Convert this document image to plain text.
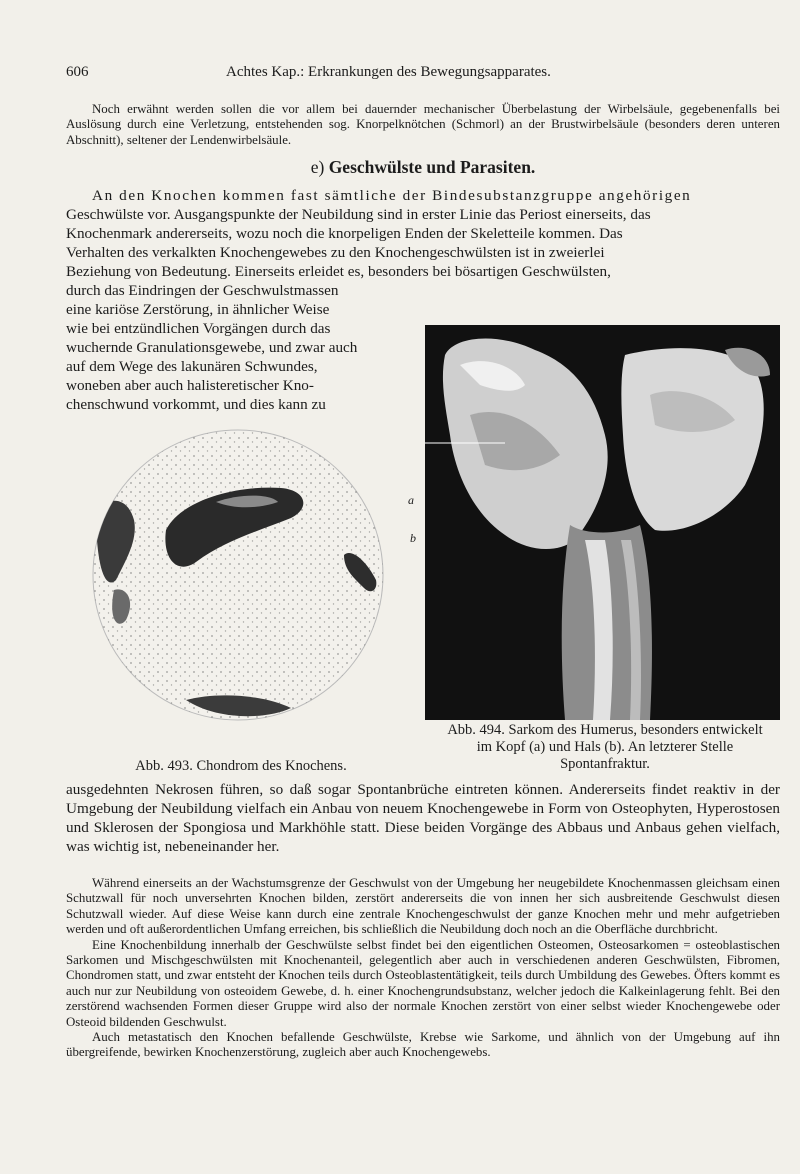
606	Achtes Kap.: Erkrankungen des Bewegungsapparates.
Noch erwähnt werden sollen die vor allem bei dauernder mechanischer Überbelastung der Wirbelsäule, gegebenenfalls bei Auslösung durch eine Verletzung, entstehenden sog. Knorpelknötchen (Schmorl) an der Brustwirbelsäule (besonders deren unteren Abschnitt), seltener der Lendenwirbelsäule.
e) Geschwülste und Parasiten.
An den Knochen kommen fast sämtliche der Bindesubstanzgruppe angehörigen
Geschwülste vor. Ausgangspunkte der Neubildung sind in erster Linie das Periost einerseits, das
Knochenmark andererseits, wozu noch die knorpeligen Enden der Skeletteile kommen. Das
Verhalten des verkalkten Knochengewebes zu den Knochengeschwülsten ist in zweierlei
Beziehung von Bedeutung. Einerseits erleidet es, besonders bei bösartigen Geschwülsten,
durch das Eindringen der Geschwulstmassen
eine kariöse Zerstörung, in ähnlicher Weise
wie bei entzündlichen Vorgängen durch das
wuchernde Granulationsgewebe, und zwar auch
auf dem Wege des lakunären Schwundes,
woneben aber auch halisteretischer Kno-
chenschwund vorkommt, und dies kann zu
Abb. 493. Chondrom des Knochens.
a
b
Abb. 494. Sarkom des Humerus, besonders entwickelt
im Kopf (a) und Hals (b). An letzterer Stelle
Spontanfraktur.
ausgedehnten Nekrosen führen, so daß sogar Spontanbrüche eintreten können. Andererseits findet reaktiv in der Umgebung der Neubildung vielfach ein Anbau von neuem Knochengewebe in Form von Osteophyten, Hyperostosen und Sklerosen der Spongiosa und Markhöhle statt. Diese beiden Vorgänge des Abbaus und Anbaus gehen vielfach, was wichtig ist, nebeneinander her.

Während einerseits an der Wachstumsgrenze der Geschwulst von der Umgebung her neugebildete Knochenmassen gleichsam einen Schutzwall für noch unversehrten Knochen bilden, zerstört andererseits die von innen her sich ausbreitende Geschwulst diesen Schutzwall wieder. Auf diese Weise kann durch eine zentrale Knochengeschwulst der ganze Knochen mehr und mehr aufgetrieben werden und oft außerordentlichen Umfang erreichen, bis schließlich die Neubildung doch noch an die Oberfläche durchbricht.

Eine Knochenbildung innerhalb der Geschwülste selbst findet bei den eigentlichen Osteomen, Osteosarkomen = osteoblastischen Sarkomen und Mischgeschwülsten mit Knochenanteil, gelegentlich aber auch in verschiedenen anderen Geschwülsten, Fibromen, Chondromen statt, und zwar entsteht der Knochen teils durch Osteoblastentätigkeit, teils durch Umbildung des Gewebes. Öfters kommt es auch nur zur Neubildung von osteoidem Gewebe, d. h. einer Knochengrundsubstanz, welcher jedoch die Kalkeinlagerung fehlt. Bei den zerstörend wachsenden Formen dieser Gruppe wird also der normale Knochen zerstört von einer selbst wieder Knochengewebe oder Osteoid bildenden Geschwulst.

Auch metastatisch den Knochen befallende Geschwülste, Krebse wie Sarkome, und ähnlich von der Umgebung auf ihn übergreifende, bewirken Knochenzerstörung, zugleich aber auch Knochengewebs.
